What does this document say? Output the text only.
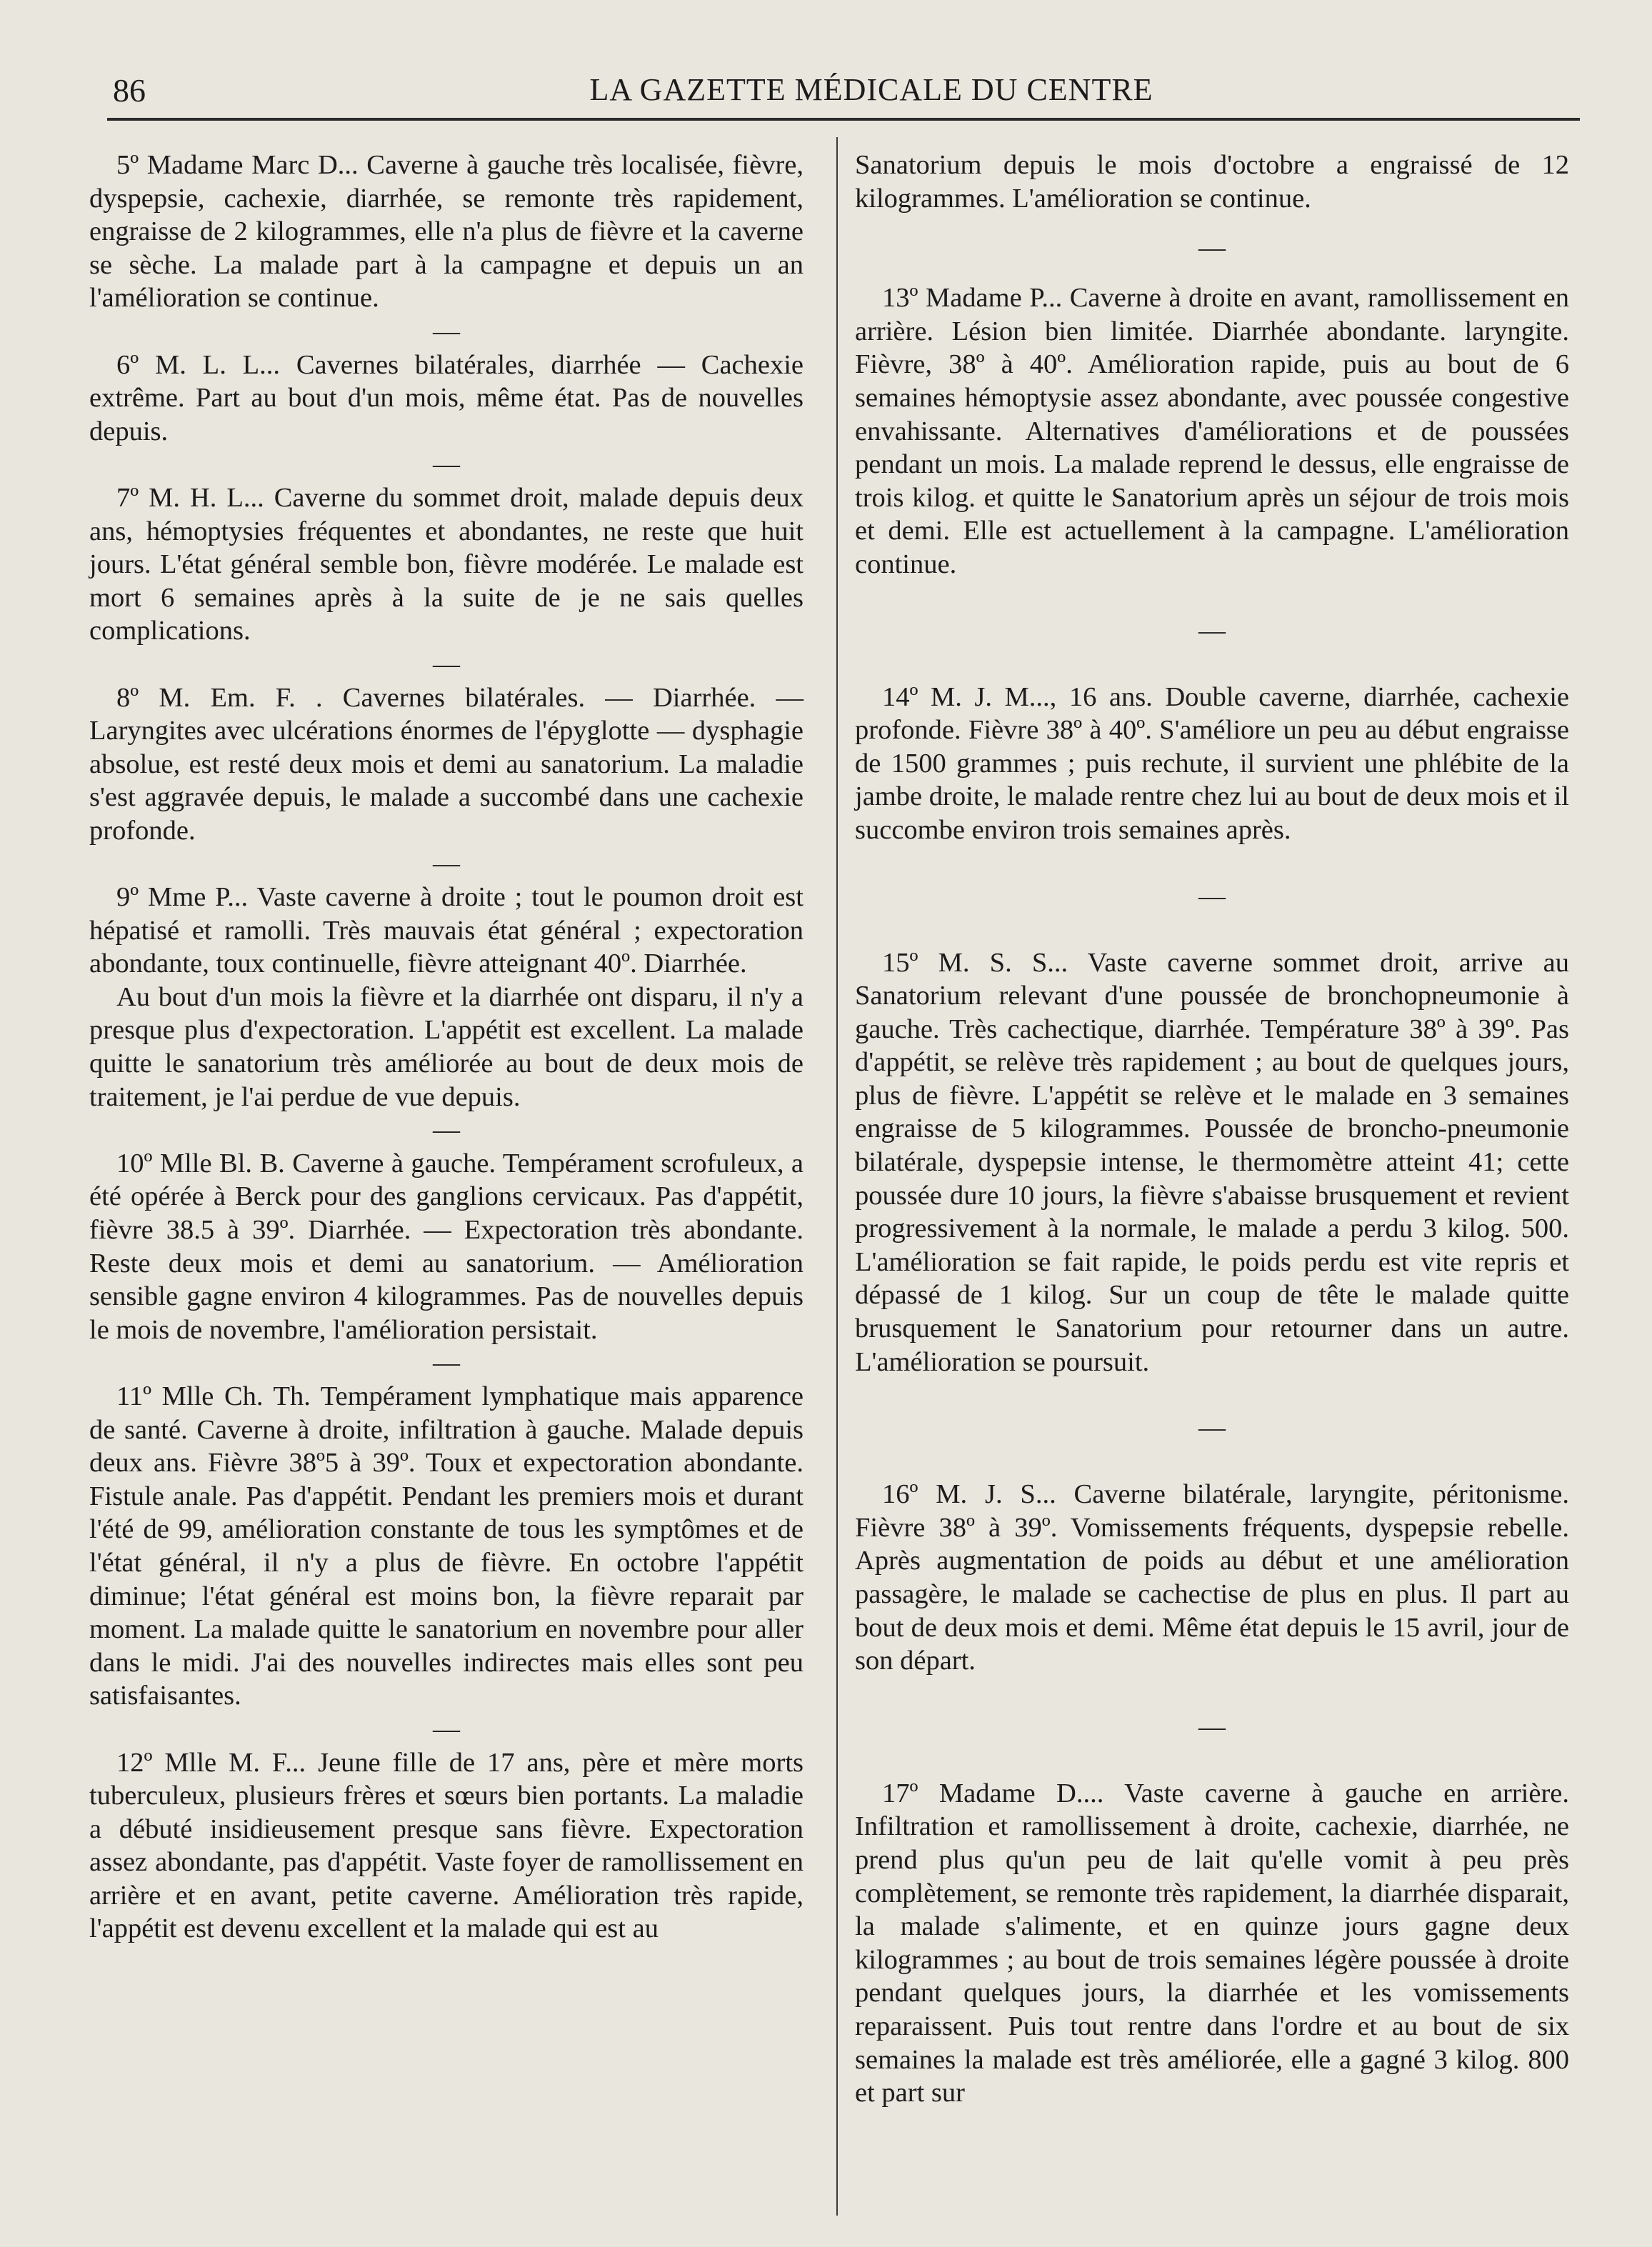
86	LA GAZETTE MÉDICALE DU CENTRE

5º Madame Marc D... Caverne à gauche très localisée, fièvre, dyspepsie, cachexie, diarrhée, se remonte très rapidement, engraisse de 2 kilogrammes, elle n'a plus de fièvre et la caverne se sèche. La malade part à la campagne et depuis un an l'amélioration se continue.

—

6º M. L. L... Cavernes bilatérales, diarrhée — Cachexie extrême. Part au bout d'un mois, même état. Pas de nouvelles depuis.

—

7º M. H. L... Caverne du sommet droit, malade depuis deux ans, hémoptysies fréquentes et abondantes, ne reste que huit jours. L'état général semble bon, fièvre modérée. Le malade est mort 6 semaines après à la suite de je ne sais quelles complications.

—

8º M. Em. F. . Cavernes bilatérales. — Diarrhée. — Laryngites avec ulcérations énormes de l'épyglotte — dysphagie absolue, est resté deux mois et demi au sanatorium. La maladie s'est aggravée depuis, le malade a succombé dans une cachexie profonde.

—

9º Mme P... Vaste caverne à droite ; tout le poumon droit est hépatisé et ramolli. Très mauvais état général ; expectoration abondante, toux continuelle, fièvre atteignant 40º. Diarrhée.

Au bout d'un mois la fièvre et la diarrhée ont disparu, il n'y a presque plus d'expectoration. L'appétit est excellent. La malade quitte le sanatorium très améliorée au bout de deux mois de traitement, je l'ai perdue de vue depuis.

—

10º Mlle Bl. B. Caverne à gauche. Tempérament scrofuleux, a été opérée à Berck pour des ganglions cervicaux. Pas d'appétit, fièvre 38.5 à 39º. Diarrhée. — Expectoration très abondante. Reste deux mois et demi au sanatorium. — Amélioration sensible gagne environ 4 kilogrammes. Pas de nouvelles depuis le mois de novembre, l'amélioration persistait.

—

11º Mlle Ch. Th. Tempérament lymphatique mais apparence de santé. Caverne à droite, infiltration à gauche. Malade depuis deux ans. Fièvre 38º5 à 39º. Toux et expectoration abondante. Fistule anale. Pas d'appétit. Pendant les premiers mois et durant l'été de 99, amélioration constante de tous les symptômes et de l'état général, il n'y a plus de fièvre. En octobre l'appétit diminue; l'état général est moins bon, la fièvre reparait par moment. La malade quitte le sanatorium en novembre pour aller dans le midi. J'ai des nouvelles indirectes mais elles sont peu satisfaisantes.

—

12º Mlle M. F... Jeune fille de 17 ans, père et mère morts tuberculeux, plusieurs frères et sœurs bien portants. La maladie a débuté insidieusement presque sans fièvre. Expectoration assez abondante, pas d'appétit. Vaste foyer de ramollissement en arrière et en avant, petite caverne. Amélioration très rapide, l'appétit est devenu excellent et la malade qui est au

Sanatorium depuis le mois d'octobre a engraissé de 12 kilogrammes. L'amélioration se continue.

—

13º Madame P... Caverne à droite en avant, ramollissement en arrière. Lésion bien limitée. Diarrhée abondante. laryngite. Fièvre, 38º à 40º. Amélioration rapide, puis au bout de 6 semaines hémoptysie assez abondante, avec poussée congestive envahissante. Alternatives d'améliorations et de poussées pendant un mois. La malade reprend le dessus, elle engraisse de trois kilog. et quitte le Sanatorium après un séjour de trois mois et demi. Elle est actuellement à la campagne. L'amélioration continue.

—

14º M. J. M..., 16 ans. Double caverne, diarrhée, cachexie profonde. Fièvre 38º à 40º. S'améliore un peu au début engraisse de 1500 grammes ; puis rechute, il survient une phlébite de la jambe droite, le malade rentre chez lui au bout de deux mois et il succombe environ trois semaines après.

—

15º M. S. S... Vaste caverne sommet droit, arrive au Sanatorium relevant d'une poussée de bronchopneumonie à gauche. Très cachectique, diarrhée. Température 38º à 39º. Pas d'appétit, se relève très rapidement ; au bout de quelques jours, plus de fièvre. L'appétit se relève et le malade en 3 semaines engraisse de 5 kilogrammes. Poussée de broncho-pneumonie bilatérale, dyspepsie intense, le thermomètre atteint 41; cette poussée dure 10 jours, la fièvre s'abaisse brusquement et revient progressivement à la normale, le malade a perdu 3 kilog. 500. L'amélioration se fait rapide, le poids perdu est vite repris et dépassé de 1 kilog. Sur un coup de tête le malade quitte brusquement le Sanatorium pour retourner dans un autre. L'amélioration se poursuit.

—

16º M. J. S... Caverne bilatérale, laryngite, péritonisme. Fièvre 38º à 39º. Vomissements fréquents, dyspepsie rebelle. Après augmentation de poids au début et une amélioration passagère, le malade se cachectise de plus en plus. Il part au bout de deux mois et demi. Même état depuis le 15 avril, jour de son départ.

—

17º Madame D.... Vaste caverne à gauche en arrière. Infiltration et ramollissement à droite, cachexie, diarrhée, ne prend plus qu'un peu de lait qu'elle vomit à peu près complètement, se remonte très rapidement, la diarrhée disparait, la malade s'alimente, et en quinze jours gagne deux kilogrammes ; au bout de trois semaines légère poussée à droite pendant quelques jours, la diarrhée et les vomissements reparaissent. Puis tout rentre dans l'ordre et au bout de six semaines la malade est très améliorée, elle a gagné 3 kilog. 800 et part sur
